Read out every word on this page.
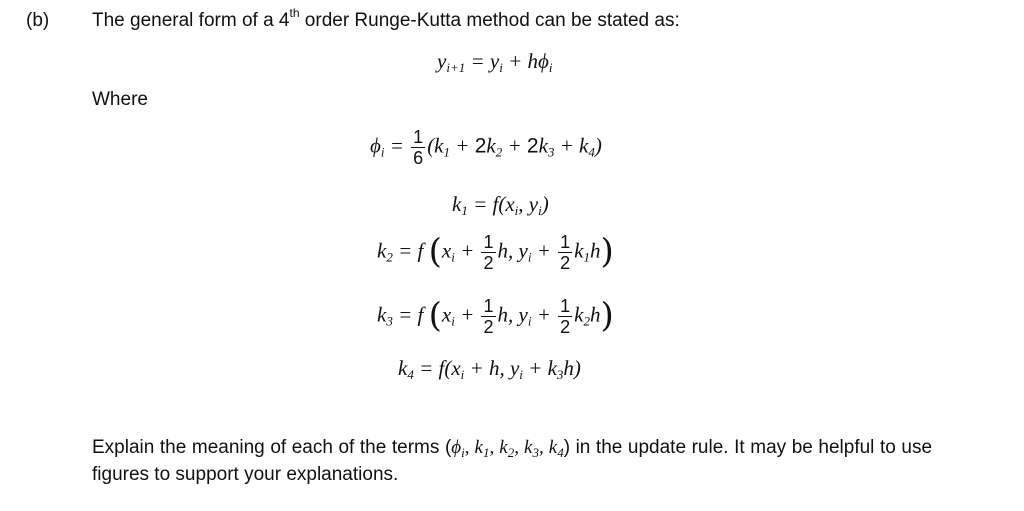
(b) The general form of a 4th order Runge-Kutta method can be stated as:
$y_{i+1} = y_i + h\phi_i$
Where
$\phi_i = \frac{1}{6} (k_1 + 2k_2 + 2k_3 + k_4)$
$k_1 = f(x_i$, $y_i$)
$k_2 = f$ ($x_i + \frac{1}{2} h$, $y_i + \frac{1}{2} k_1h$)
$k_3 = f$ ($x_i + \frac{1}{2} h$, $y_i + \frac{1}{2} k_2h$)
$k_4 = f(x_i + h$, $y_i + k_3h$)

Explain the meaning of each of the terms ($\phi_i$, $k_1$, $k_2$, $k_3$, $k_4$) in the update rule. It may be helpful to use figures to support your explanations.
